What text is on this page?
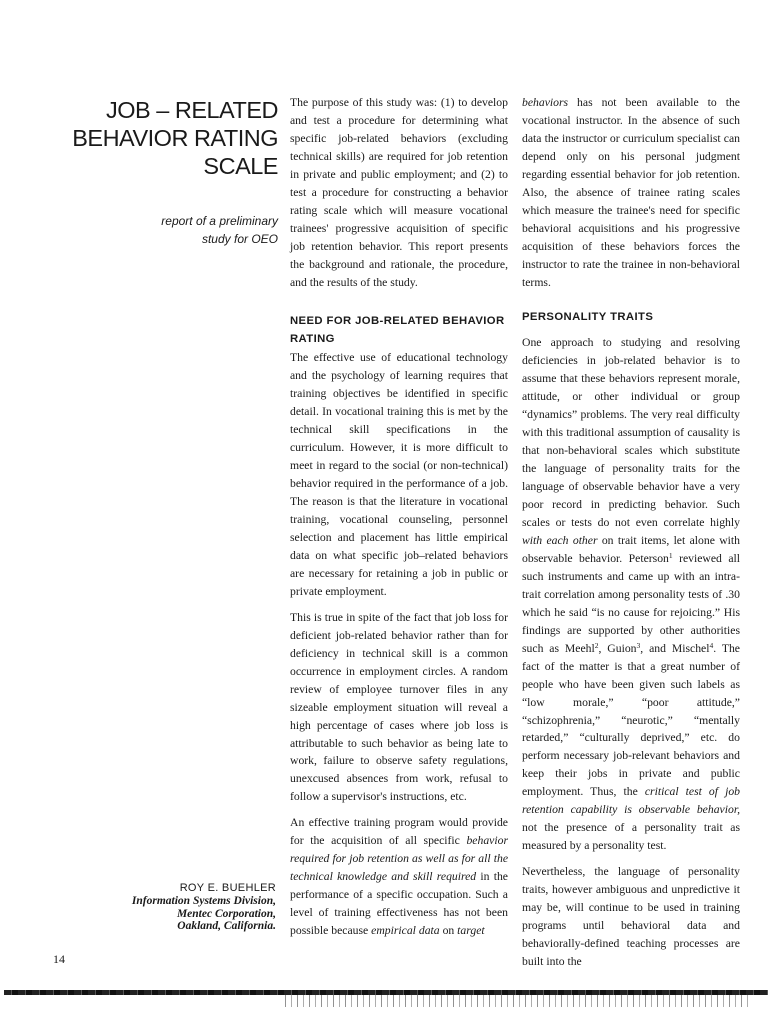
JOB – RELATED
BEHAVIOR RATING
SCALE
report of a preliminary
study for OEO

The purpose of this study was: (1) to develop and test a procedure for determining what specific job-related behaviors (excluding technical skills) are required for job retention in private and public employment; and (2) to test a procedure for constructing a behavior rating scale which will measure vocational trainees' progressive acquisition of specific job retention behavior. This report presents the background and rationale, the procedure, and the results of the study.

NEED FOR JOB-RELATED BEHAVIOR RATING

The effective use of educational technology and the psychology of learning requires that training objectives be identified in specific detail. In vocational training this is met by the technical skill specifications in the curriculum. However, it is more difficult to meet in regard to the social (or non-technical) behavior required in the performance of a job. The reason is that the literature in vocational training, vocational counseling, personnel selection and placement has little empirical data on what specific job–related behaviors are necessary for retaining a job in public or private employment.

This is true in spite of the fact that job loss for deficient job-related behavior rather than for deficiency in technical skill is a common occurrence in employment circles. A random review of employee turnover files in any sizeable employment situation will reveal a high percentage of cases where job loss is attributable to such behavior as being late to work, failure to observe safety regulations, unexcused absences from work, refusal to follow a supervisor's instructions, etc.

An effective training program would provide for the acquisition of all specific behavior required for job retention as well as for all the technical knowledge and skill required in the performance of a specific occupation. Such a level of training effectiveness has not been possible because empirical data on target

behaviors has not been available to the vocational instructor. In the absence of such data the instructor or curriculum specialist can depend only on his personal judgment regarding essential behavior for job retention. Also, the absence of trainee rating scales which measure the trainee's need for specific behavioral acquisitions and his progressive acquisition of these behaviors forces the instructor to rate the trainee in non-behavioral terms.

PERSONALITY TRAITS

One approach to studying and resolving deficiencies in job-related behavior is to assume that these behaviors represent morale, attitude, or other individual or group “dynamics” problems. The very real difficulty with this traditional assumption of causality is that non-behavioral scales which substitute the language of personality traits for the language of observable behavior have a very poor record in predicting behavior. Such scales or tests do not even correlate highly with each other on trait items, let alone with observable behavior. Peterson$^1$ reviewed all such instruments and came up with an intra-trait correlation among personality tests of .30 which he said “is no cause for rejoicing.” His findings are supported by other authorities such as Meehl$^2$, Guion$^3$, and Mischel$^4$. The fact of the matter is that a great number of people who have been given such labels as “low morale,” “poor attitude,” “schizophrenia,” “neurotic,” “mentally retarded,” “culturally deprived,” etc. do perform necessary job-relevant behaviors and keep their jobs in private and public employment. Thus, the critical test of job retention capability is observable behavior, not the presence of a personality trait as measured by a personality test.

Nevertheless, the language of personality traits, however ambiguous and unpredictive it may be, will continue to be used in training programs until behavioral data and behaviorally-defined teaching processes are built into the

ROY E. BUEHLER
Information Systems Division,
Mentec Corporation,
Oakland, California.
14
